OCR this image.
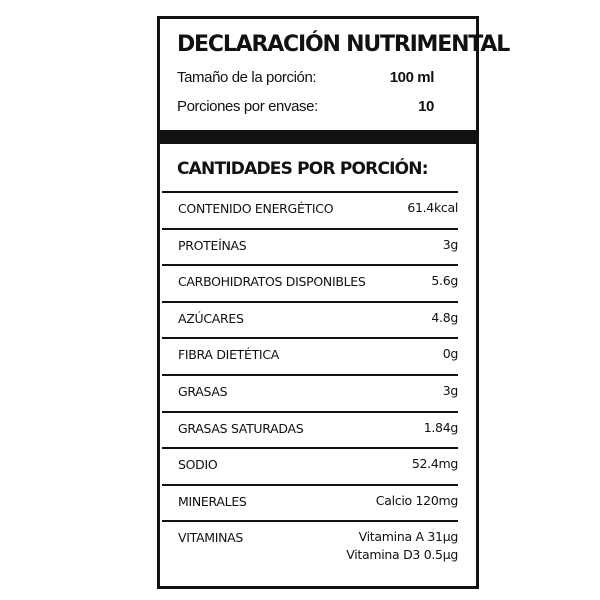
DECLARACIÓN NUTRIMENTAL
Tamaño de la porción:	100 ml
Porciones por envase:	10
CANTIDADES POR PORCIÓN:
CONTENIDO ENERGÉTICO	61.4kcal
PROTEÍNAS	3g
CARBOHIDRATOS DISPONIBLES	5.6g
AZÚCARES	4.8g
FIBRA DIETÉTICA	0g
GRASAS	3g
GRASAS SATURADAS	1.84g
SODIO	52.4mg
MINERALES	Calcio 120mg
VITAMINAS	Vitamina A 31μg
Vitamina D3 0.5μg
